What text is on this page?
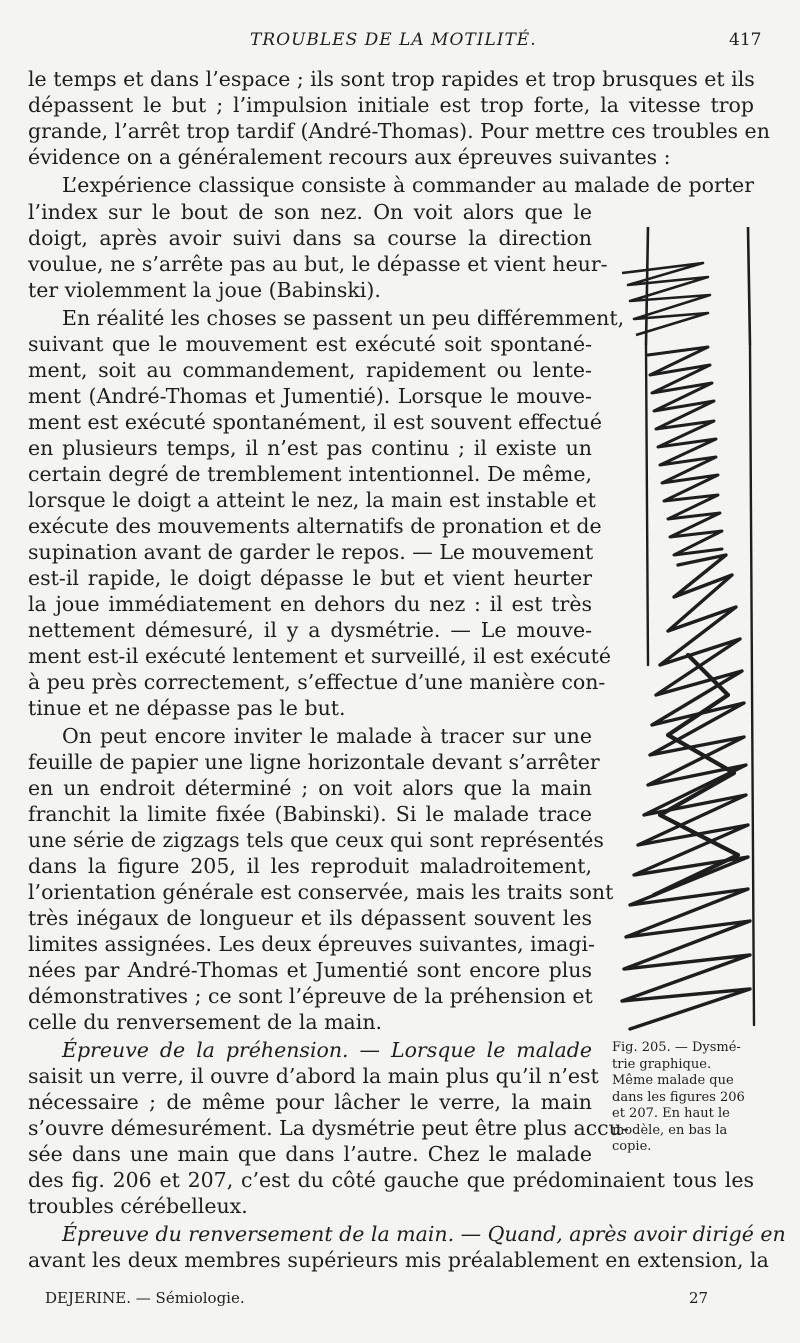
TROUBLES DE LA MOTILITÉ.	417
le temps et dans l’espace ; ils sont trop rapides et trop brusques et ils
dépassent le but ; l’impulsion initiale est trop forte, la vitesse trop
grande, l’arrêt trop tardif (André-Thomas). Pour mettre ces troubles en
évidence on a généralement recours aux épreuves suivantes :
L’expérience classique consiste à commander au malade de porter
l’index sur le bout de son nez. On voit alors que le
doigt, après avoir suivi dans sa course la direction
voulue, ne s’arrête pas au but, le dépasse et vient heur-
ter violemment la joue (Babinski).
En réalité les choses se passent un peu différemment,
suivant que le mouvement est exécuté soit spontané-
ment, soit au commandement, rapidement ou lente-
ment (André-Thomas et Jumentié). Lorsque le mouve-
ment est exécuté spontanément, il est souvent effectué
en plusieurs temps, il n’est pas continu ; il existe un
certain degré de tremblement intentionnel. De même,
lorsque le doigt a atteint le nez, la main est instable et
exécute des mouvements alternatifs de pronation et de
supination avant de garder le repos. — Le mouvement
est-il rapide, le doigt dépasse le but et vient heurter
la joue immédiatement en dehors du nez : il est très
nettement démesuré, il y a dysmétrie. — Le mouve-
ment est-il exécuté lentement et surveillé, il est exécuté
à peu près correctement, s’effectue d’une manière con-
tinue et ne dépasse pas le but.
On peut encore inviter le malade à tracer sur une
feuille de papier une ligne horizontale devant s’arrêter
en un endroit déterminé ; on voit alors que la main
franchit la limite fixée (Babinski). Si le malade trace
une série de zigzags tels que ceux qui sont représentés
dans la figure 205, il les reproduit maladroitement,
l’orientation générale est conservée, mais les traits sont
très inégaux de longueur et ils dépassent souvent les
limites assignées. Les deux épreuves suivantes, imagi-
nées par André-Thomas et Jumentié sont encore plus
démonstratives ; ce sont l’épreuve de la préhension et
celle du renversement de la main.
Épreuve de la préhension. — Lorsque le malade
saisit un verre, il ouvre d’abord la main plus qu’il n’est
nécessaire ; de même pour lâcher le verre, la main
s’ouvre démesurément. La dysmétrie peut être plus accu-
sée dans une main que dans l’autre. Chez le malade
des fig. 206 et 207, c’est du côté gauche que prédominaient tous les
troubles cérébelleux.
Épreuve du renversement de la main. — Quand, après avoir dirigé en
avant les deux membres supérieurs mis préalablement en extension, la
Fig. 205. — Dysmé-
trie graphique.
Même malade que
dans les figures 206
et 207. En haut le
modèle, en bas la
copie.
DEJERINE. — Sémiologie.	27
